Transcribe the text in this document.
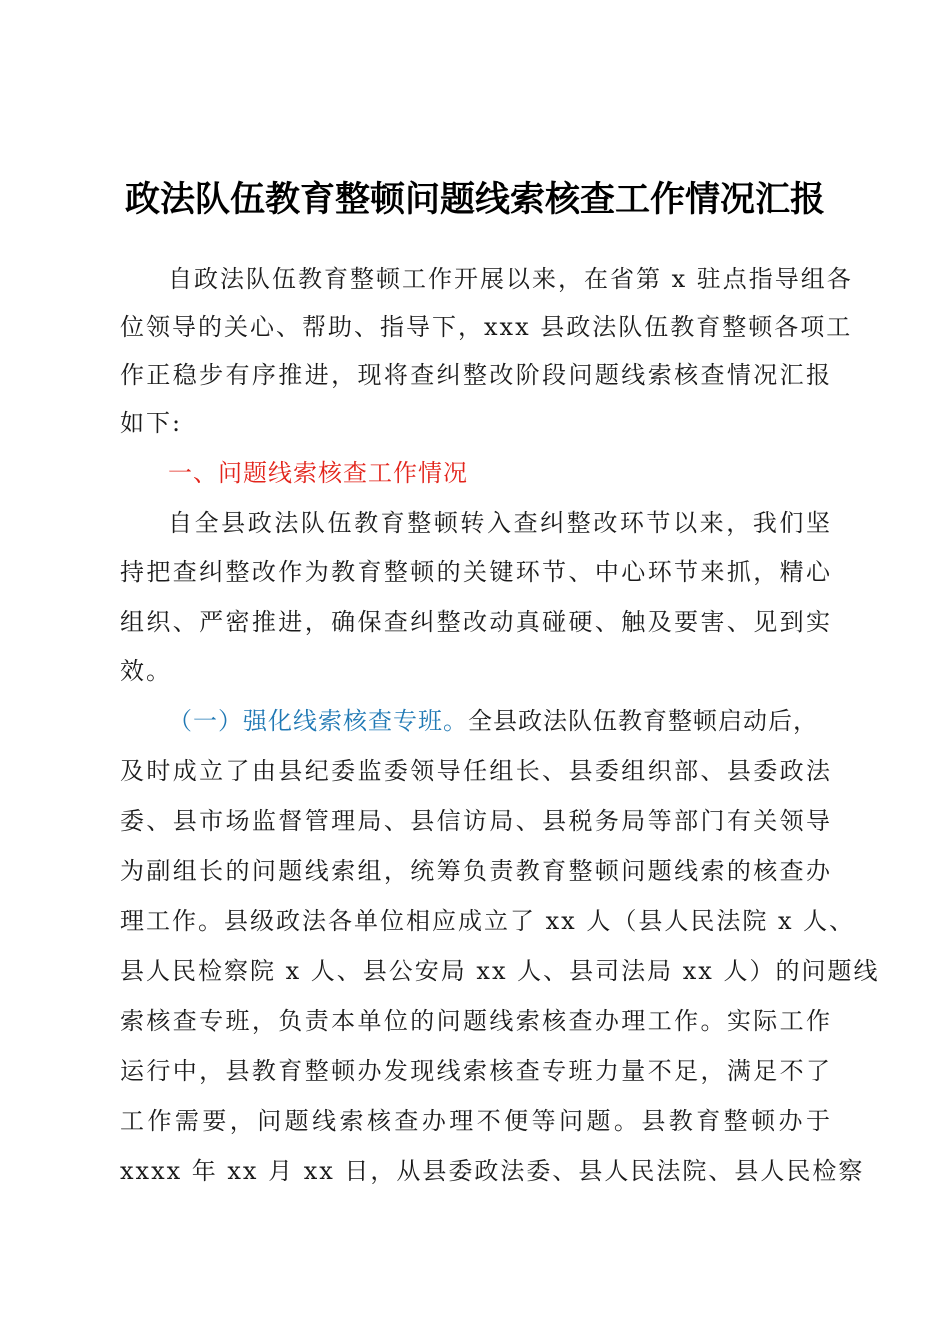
政法队伍教育整顿问题线索核查工作情况汇报
自政法队伍教育整顿工作开展以来，在省第 x 驻点指导组各
位领导的关心、帮助、指导下，xxx 县政法队伍教育整顿各项工
作正稳步有序推进，现将查纠整改阶段问题线索核查情况汇报
如下:
一、问题线索核查工作情况
自全县政法队伍教育整顿转入查纠整改环节以来，我们坚
持把查纠整改作为教育整顿的关键环节、中心环节来抓，精心
组织、严密推进，确保查纠整改动真碰硬、触及要害、见到实
效。
（一）强化线索核查专班。全县政法队伍教育整顿启动后，
及时成立了由县纪委监委领导任组长、县委组织部、县委政法
委、县市场监督管理局、县信访局、县税务局等部门有关领导
为副组长的问题线索组，统筹负责教育整顿问题线索的核查办
理工作。县级政法各单位相应成立了 xx 人（县人民法院 x 人、
县人民检察院 x 人、县公安局 xx 人、县司法局 xx 人）的问题线
索核查专班，负责本单位的问题线索核查办理工作。实际工作
运行中，县教育整顿办发现线索核查专班力量不足，满足不了
工作需要，问题线索核查办理不便等问题。县教育整顿办于
xxxx 年 xx 月 xx 日，从县委政法委、县人民法院、县人民检察
